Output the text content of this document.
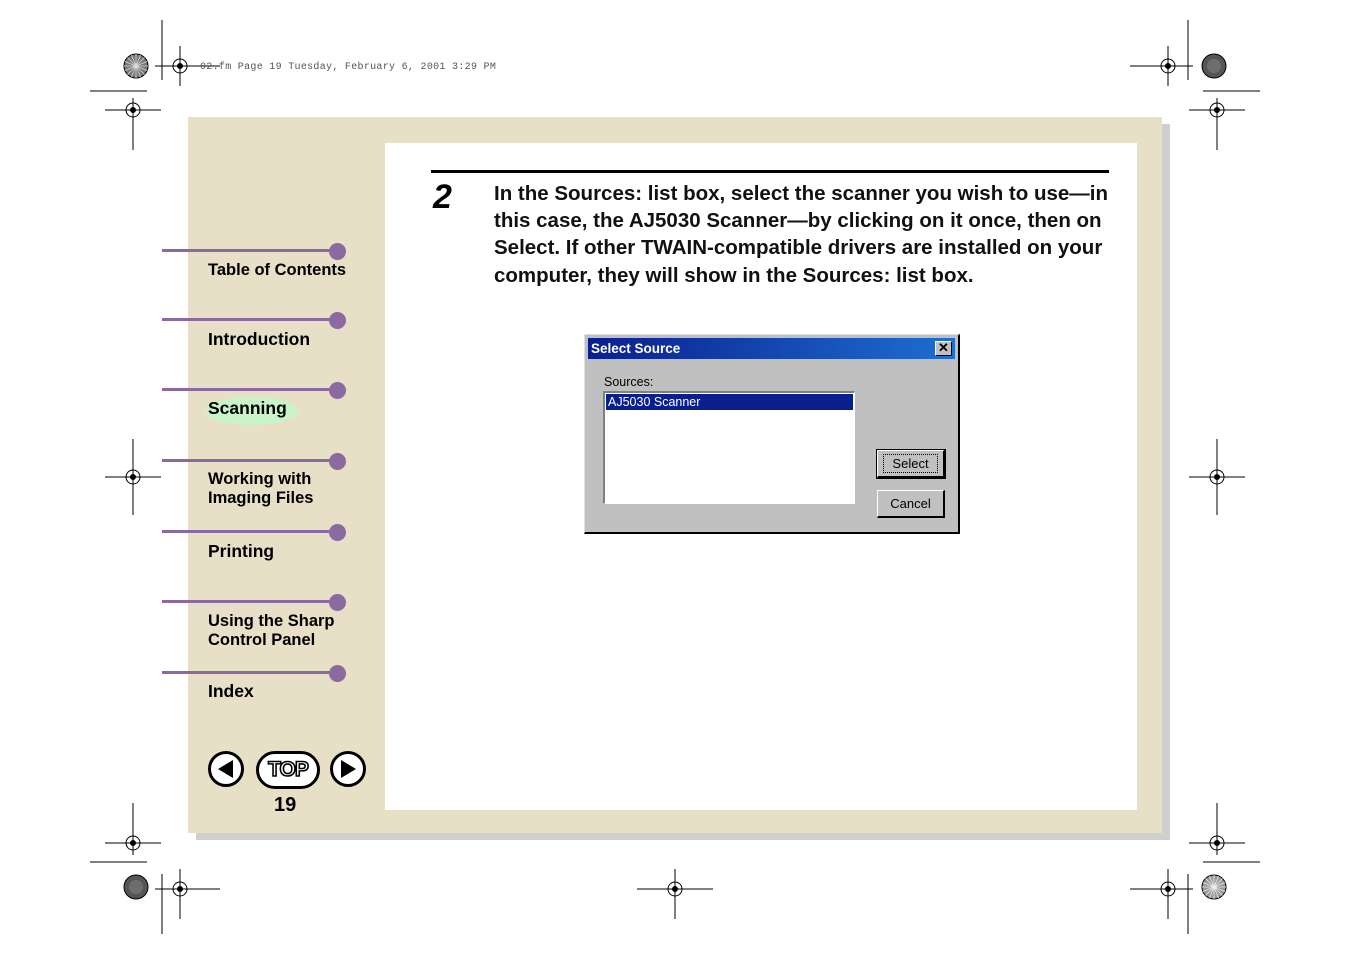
02.fm Page 19 Tuesday, February 6, 2001 3:29 PM
Table of Contents
Introduction
Scanning
Working with Imaging Files
Printing
Using the Sharp Control Panel
Index
TOP
19
2 In the Sources: list box, select the scanner you wish to use—in this case, the AJ5030 Scanner—by clicking on it once, then on Select. If other TWAIN-compatible drivers are installed on your computer, they will show in the Sources: list box.
Select Source	✕
Sources:
AJ5030 Scanner
Select
Cancel
